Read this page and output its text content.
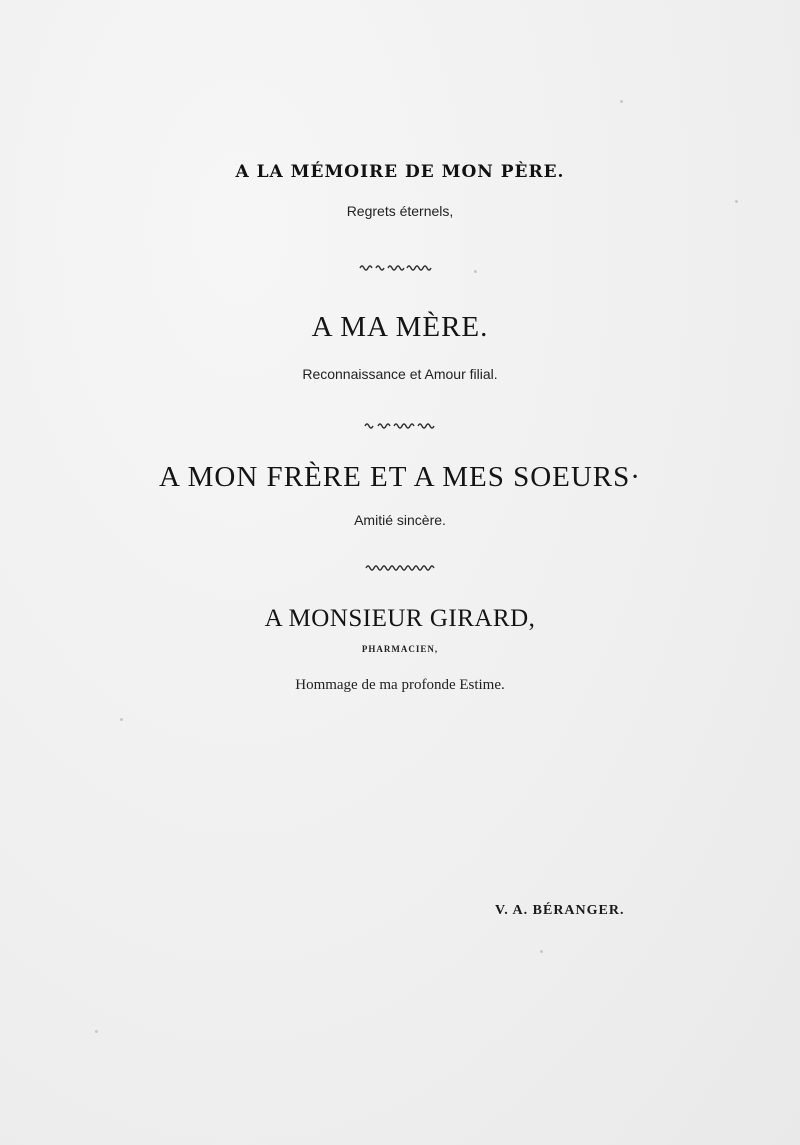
A LA MÉMOIRE DE MON PÈRE.
Regrets éternels,
A MA MÈRE.
Reconnaissance et Amour filial.
A MON FRÈRE ET A MES SOEURS·
Amitié sincère.
A MONSIEUR GIRARD,
PHARMACIEN,
Hommage de ma profonde Estime.
V. A. BÉRANGER.
